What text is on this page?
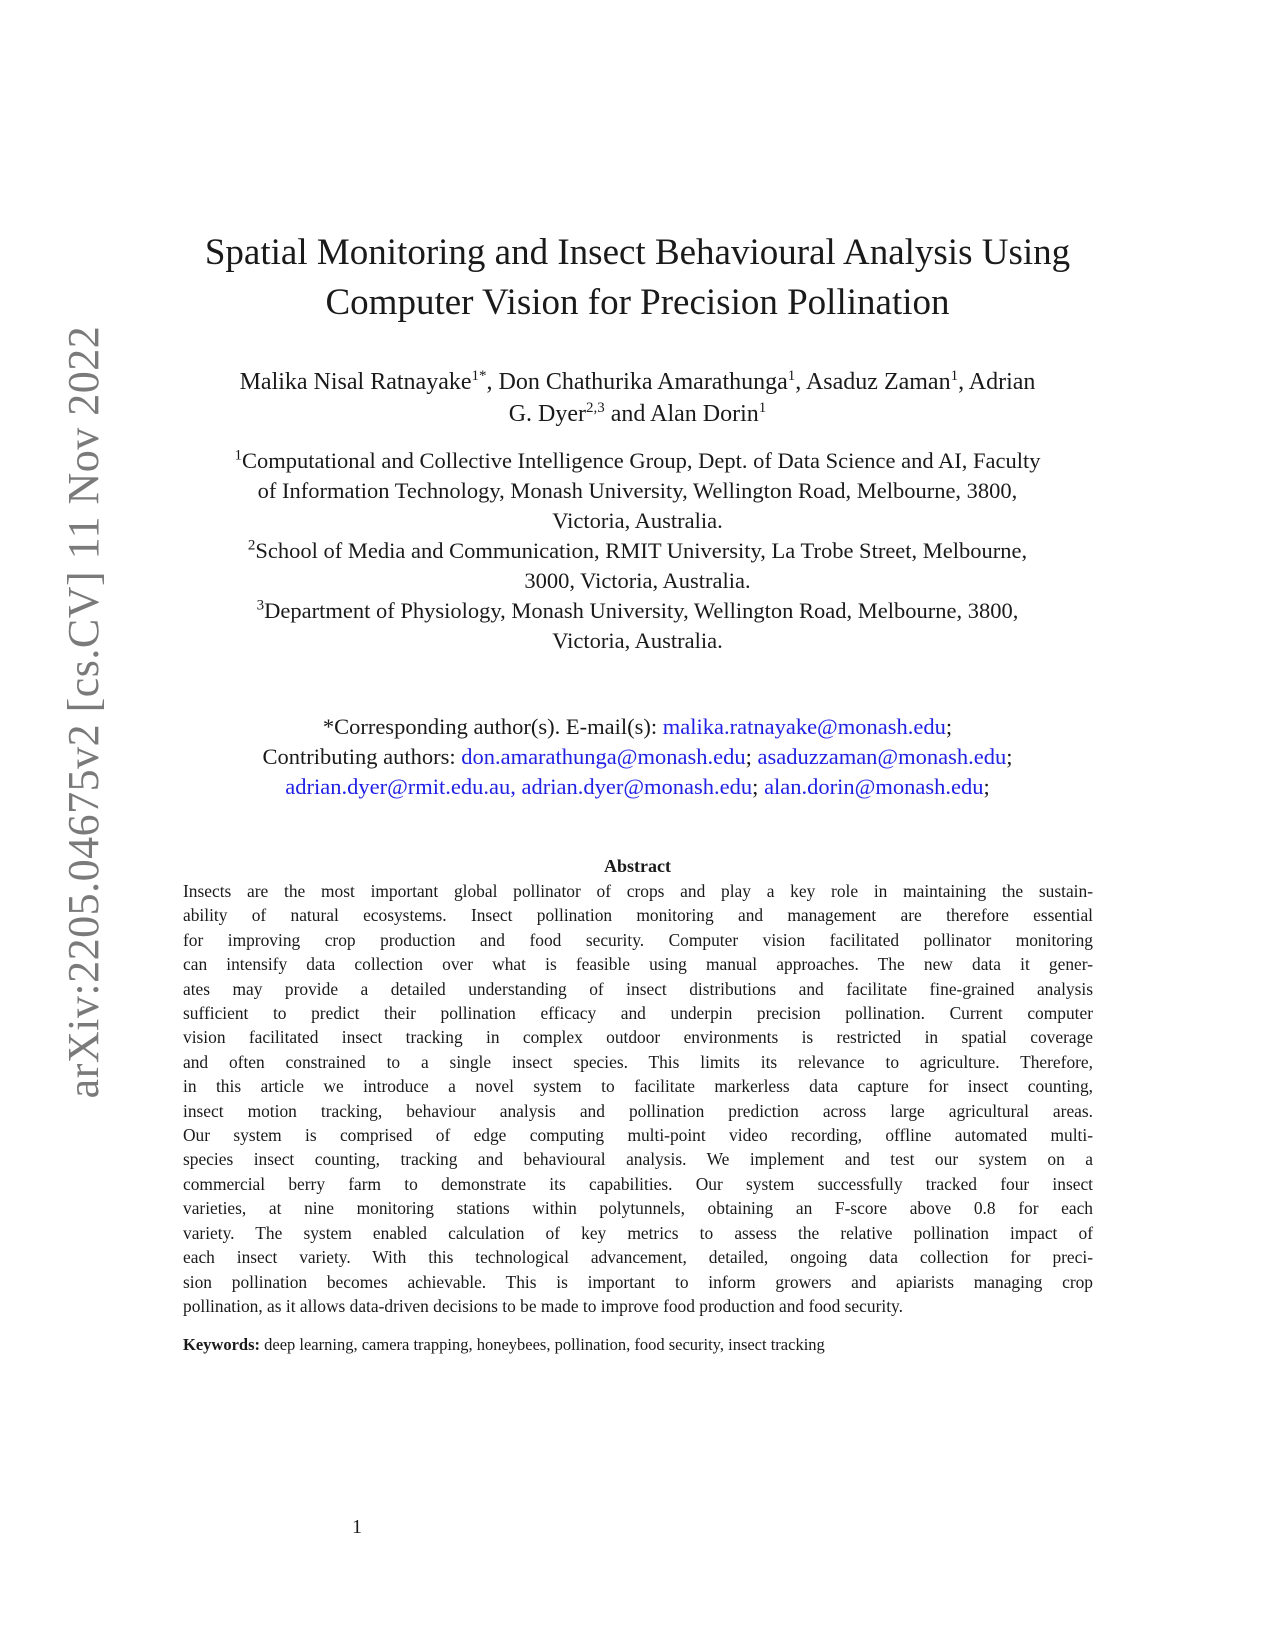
arXiv:2205.04675v2 [cs.CV] 11 Nov 2022
Spatial Monitoring and Insect Behavioural Analysis Using
Computer Vision for Precision Pollination
Malika Nisal Ratnayake$^{1*}$, Don Chathurika Amarathunga$^1$, Asaduz Zaman$^1$, Adrian
G. Dyer$^{2,3}$ and Alan Dorin$^1$
$^1$Computational and Collective Intelligence Group, Dept. of Data Science and AI, Faculty
of Information Technology, Monash University, Wellington Road, Melbourne, 3800,
Victoria, Australia.
$^2$School of Media and Communication, RMIT University, La Trobe Street, Melbourne,
3000, Victoria, Australia.
$^3$Department of Physiology, Monash University, Wellington Road, Melbourne, 3800,
Victoria, Australia.
*Corresponding author(s). E-mail(s): malika.ratnayake@monash.edu;
Contributing authors: don.amarathunga@monash.edu; asaduzzaman@monash.edu;
adrian.dyer@rmit.edu.au, adrian.dyer@monash.edu; alan.dorin@monash.edu;
Abstract
Insects are the most important global pollinator of crops and play a key role in maintaining the sustain-
ability of natural ecosystems. Insect pollination monitoring and management are therefore essential
for improving crop production and food security. Computer vision facilitated pollinator monitoring
can intensify data collection over what is feasible using manual approaches. The new data it gener-
ates may provide a detailed understanding of insect distributions and facilitate fine-grained analysis
sufficient to predict their pollination efficacy and underpin precision pollination. Current computer
vision facilitated insect tracking in complex outdoor environments is restricted in spatial coverage
and often constrained to a single insect species. This limits its relevance to agriculture. Therefore,
in this article we introduce a novel system to facilitate markerless data capture for insect counting,
insect motion tracking, behaviour analysis and pollination prediction across large agricultural areas.
Our system is comprised of edge computing multi-point video recording, offline automated multi-
species insect counting, tracking and behavioural analysis. We implement and test our system on a
commercial berry farm to demonstrate its capabilities. Our system successfully tracked four insect
varieties, at nine monitoring stations within polytunnels, obtaining an F-score above 0.8 for each
variety. The system enabled calculation of key metrics to assess the relative pollination impact of
each insect variety. With this technological advancement, detailed, ongoing data collection for preci-
sion pollination becomes achievable. This is important to inform growers and apiarists managing crop
pollination, as it allows data-driven decisions to be made to improve food production and food security.
Keywords: deep learning, camera trapping, honeybees, pollination, food security, insect tracking
1
